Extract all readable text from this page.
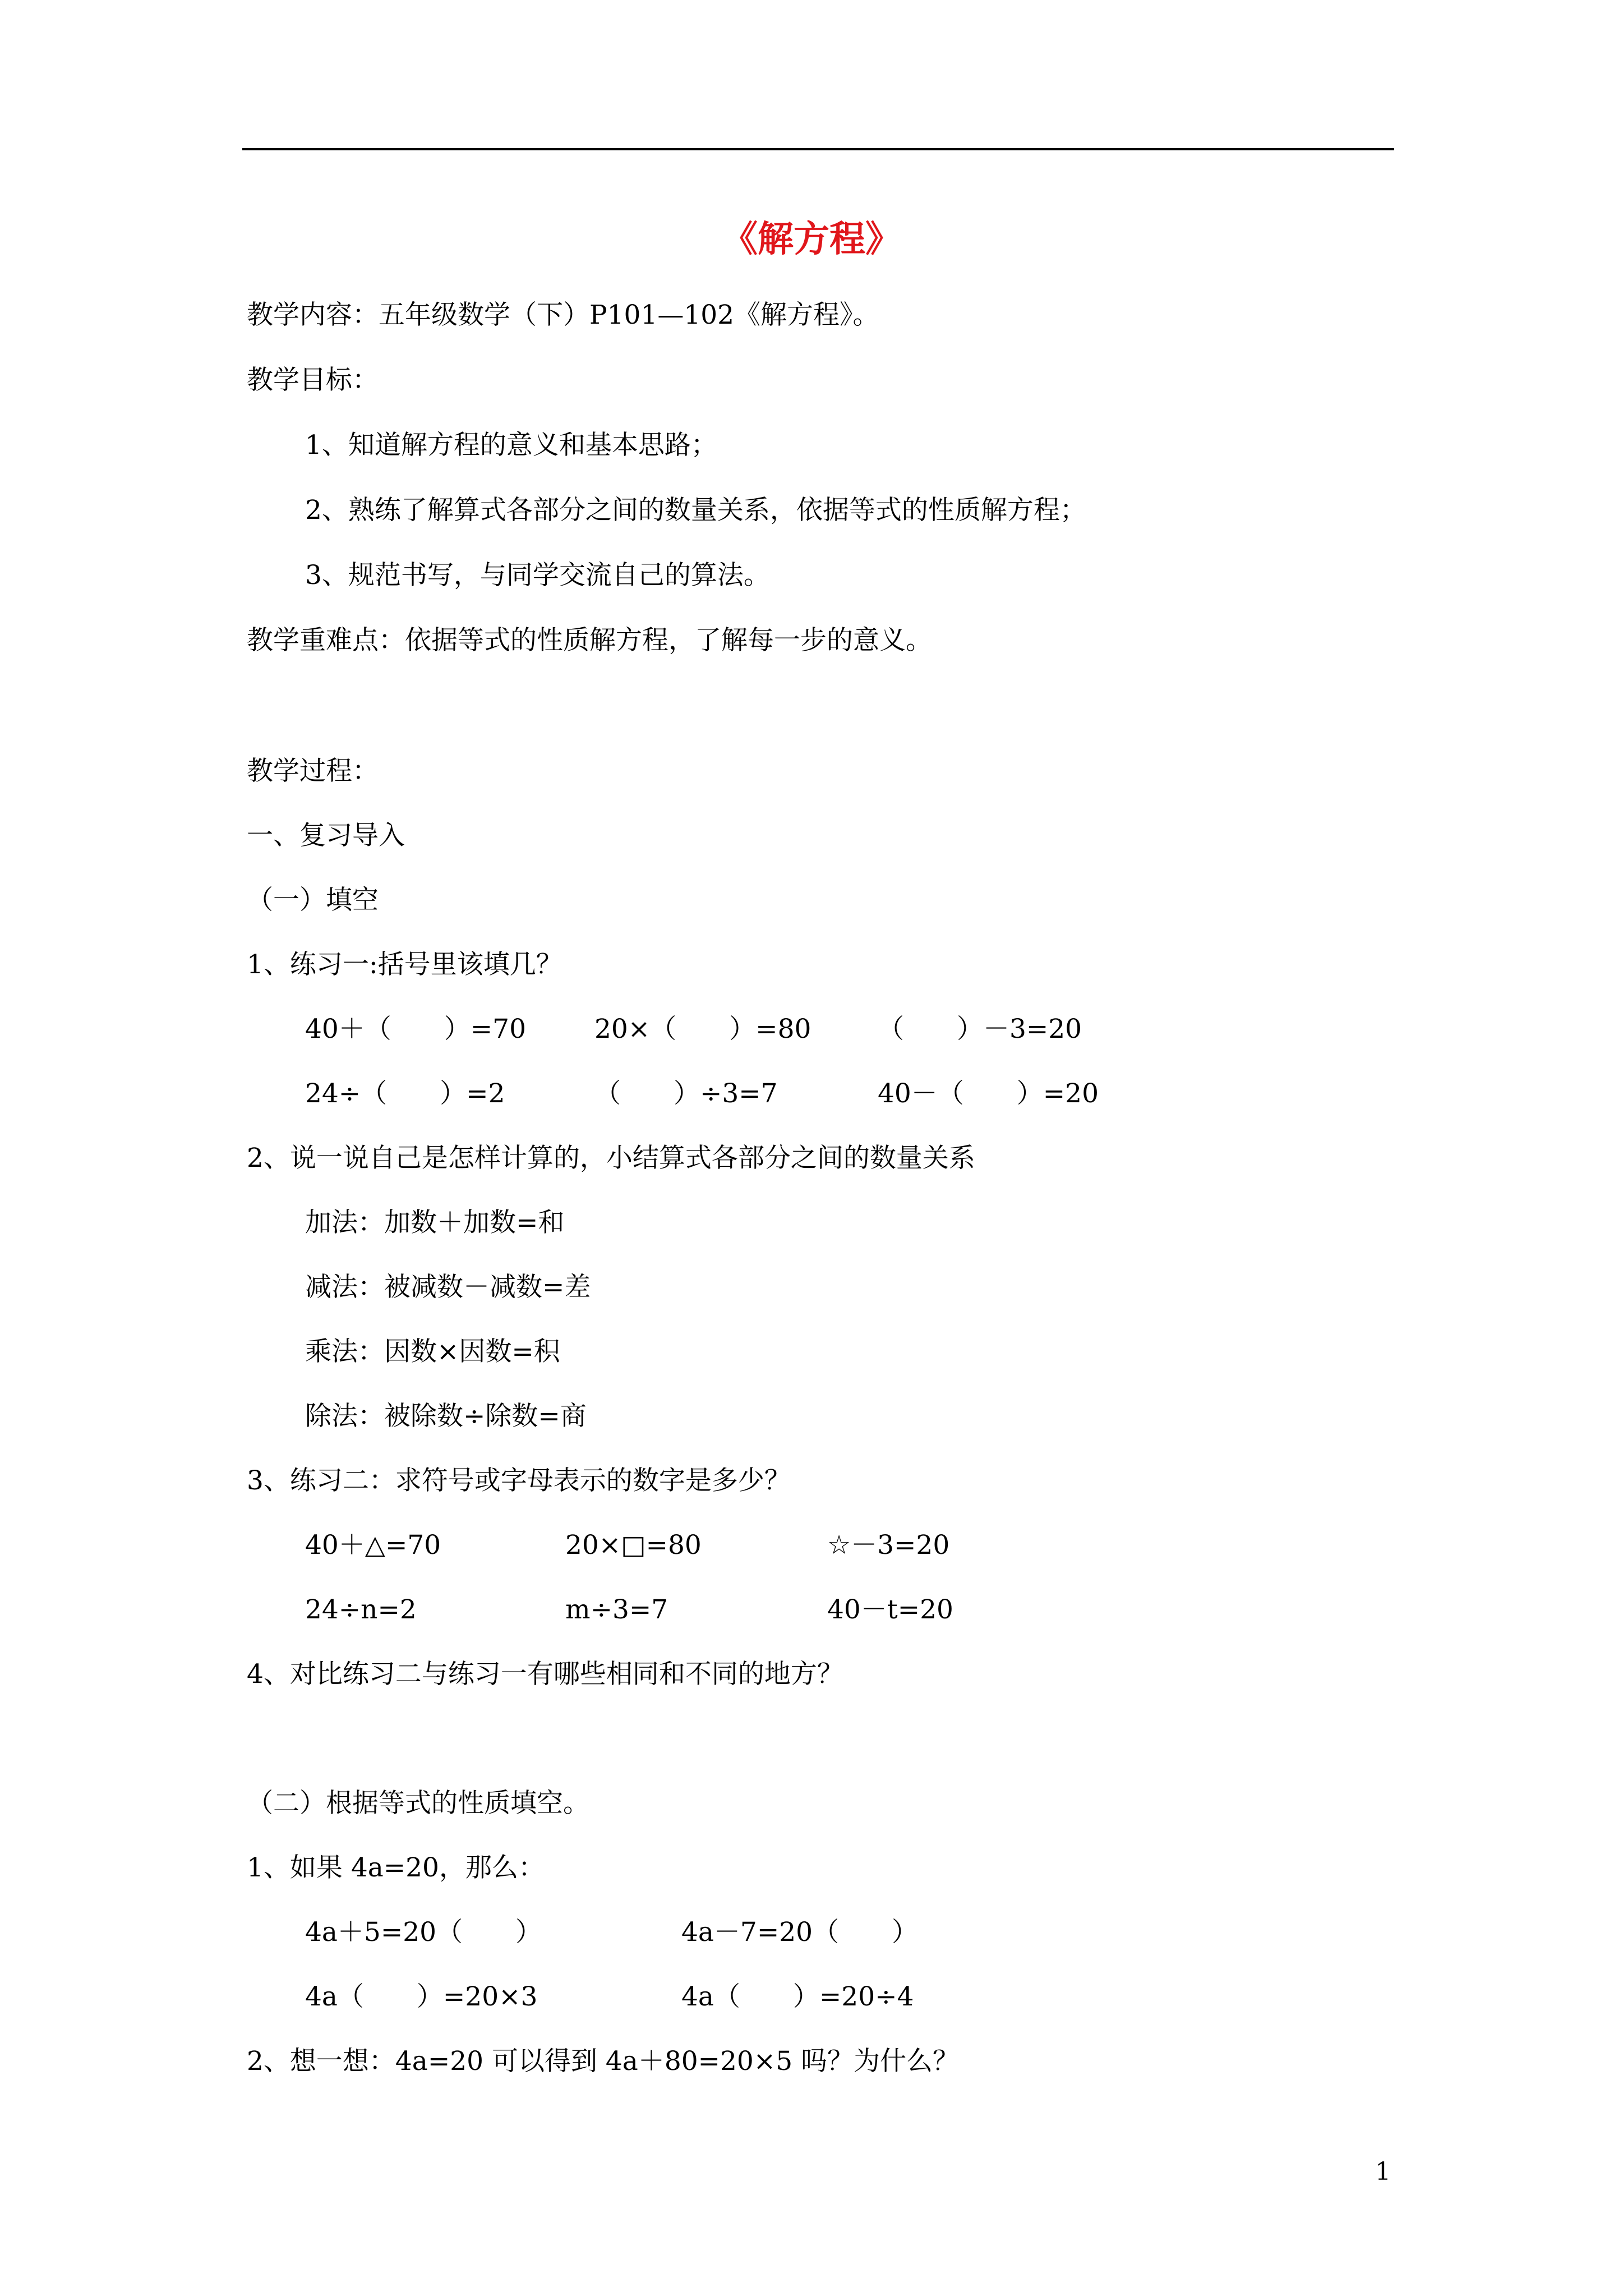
《解方程》
教学内容：五年级数学（下）P101—102《解方程》。
教学目标：
1、知道解方程的意义和基本思路；
2、熟练了解算式各部分之间的数量关系，依据等式的性质解方程；
3、规范书写，与同学交流自己的算法。
教学重难点：依据等式的性质解方程，了解每一步的意义。
教学过程：
一、复习导入
（一）填空
1、练习一:括号里该填几？
40＋（　　）=70	20×（　　）=80	（　　）－3=20
24÷（　　）=2	（　　）÷3=7	40－（　　）=20
2、说一说自己是怎样计算的，小结算式各部分之间的数量关系
加法：加数＋加数=和
减法：被减数－减数=差
乘法：因数×因数=积
除法：被除数÷除数=商
3、练习二：求符号或字母表示的数字是多少？
40＋△=70	20×□=80	☆－3=20
24÷n=2	m÷3=7	40－t=20
4、对比练习二与练习一有哪些相同和不同的地方？
（二）根据等式的性质填空。
1、如果 4a=20，那么：
4a＋5=20（　　）	4a－7=20（　　）
4a（　　）=20×3	4a（　　）=20÷4
2、想一想：4a=20 可以得到 4a＋80=20×5 吗？为什么？
1
